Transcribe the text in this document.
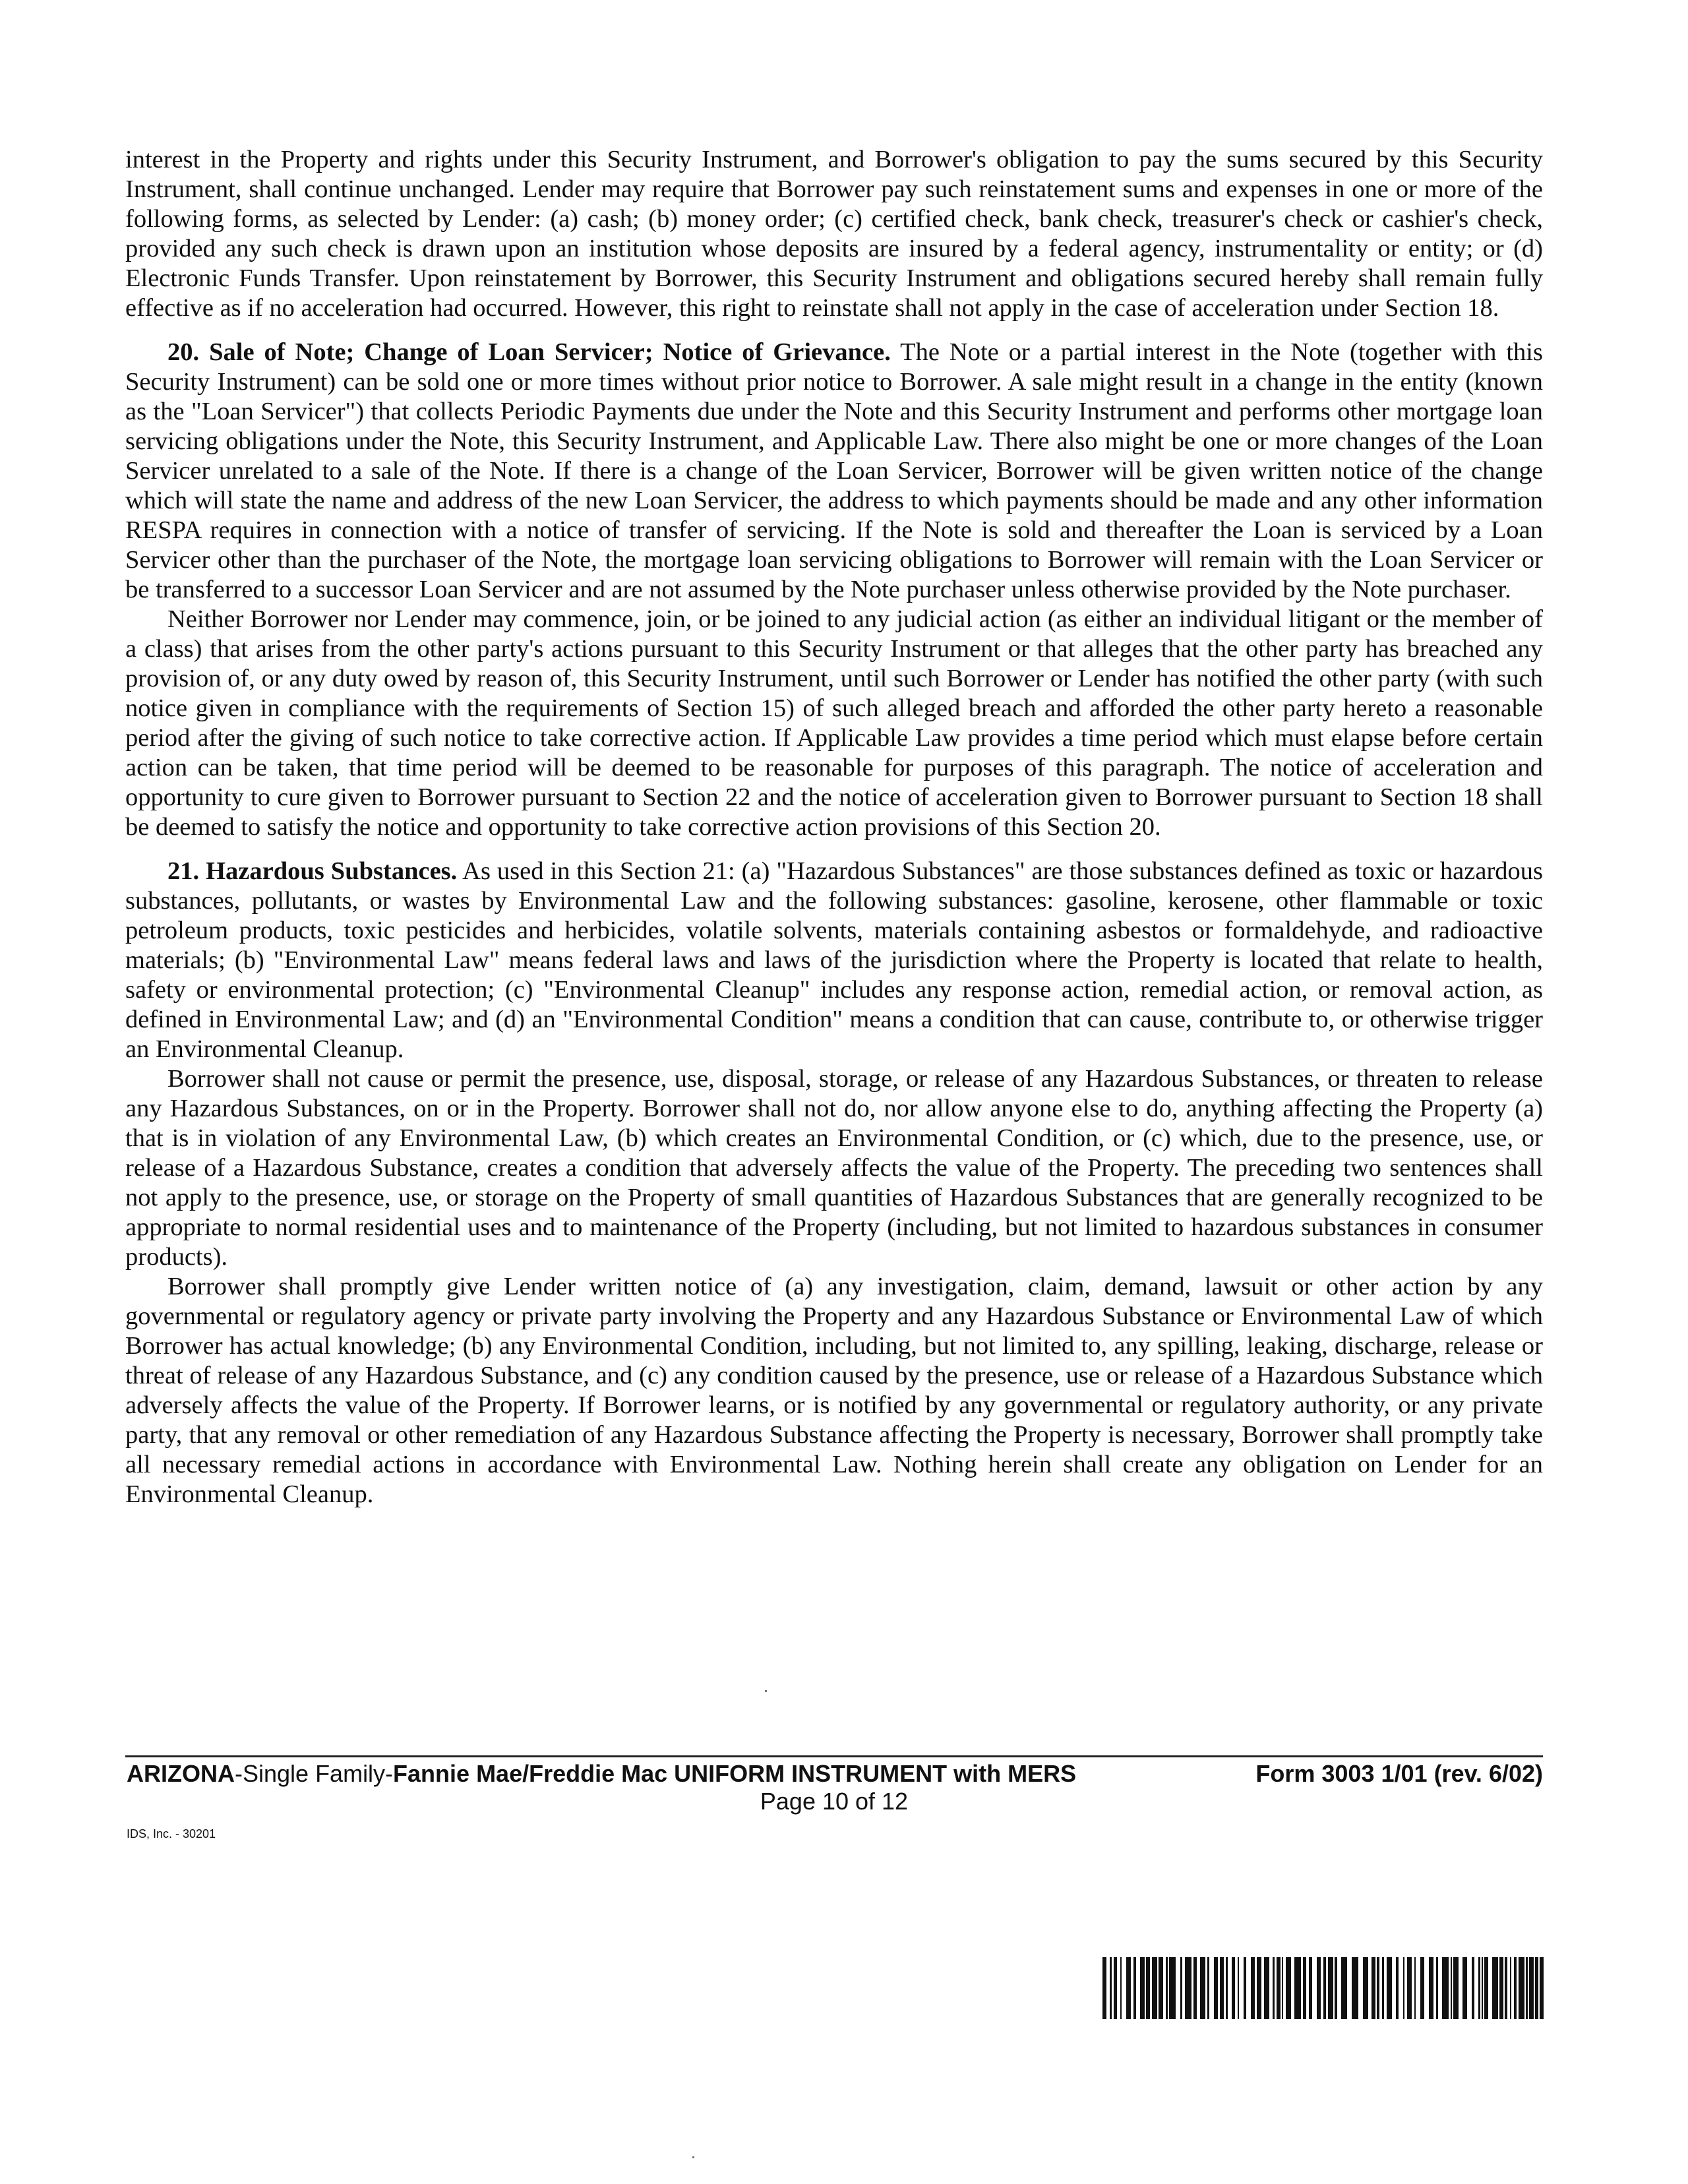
interest in the Property and rights under this Security Instrument, and Borrower's obligation to pay the sums secured by this Security Instrument, shall continue unchanged. Lender may require that Borrower pay such reinstatement sums and expenses in one or more of the following forms, as selected by Lender: (a) cash; (b) money order; (c) certified check, bank check, treasurer's check or cashier's check, provided any such check is drawn upon an institution whose deposits are insured by a federal agency, instrumentality or entity; or (d) Electronic Funds Transfer. Upon reinstatement by Borrower, this Security Instrument and obligations secured hereby shall remain fully effective as if no acceleration had occurred. However, this right to reinstate shall not apply in the case of acceleration under Section 18.

20. Sale of Note; Change of Loan Servicer; Notice of Grievance. The Note or a partial interest in the Note (together with this Security Instrument) can be sold one or more times without prior notice to Borrower. A sale might result in a change in the entity (known as the "Loan Servicer") that collects Periodic Payments due under the Note and this Security Instrument and performs other mortgage loan servicing obligations under the Note, this Security Instrument, and Applicable Law. There also might be one or more changes of the Loan Servicer unrelated to a sale of the Note. If there is a change of the Loan Servicer, Borrower will be given written notice of the change which will state the name and address of the new Loan Servicer, the address to which payments should be made and any other information RESPA requires in connection with a notice of transfer of servicing. If the Note is sold and thereafter the Loan is serviced by a Loan Servicer other than the purchaser of the Note, the mortgage loan servicing obligations to Borrower will remain with the Loan Servicer or be transferred to a successor Loan Servicer and are not assumed by the Note purchaser unless otherwise provided by the Note purchaser.

Neither Borrower nor Lender may commence, join, or be joined to any judicial action (as either an individual litigant or the member of a class) that arises from the other party's actions pursuant to this Security Instrument or that alleges that the other party has breached any provision of, or any duty owed by reason of, this Security Instrument, until such Borrower or Lender has notified the other party (with such notice given in compliance with the requirements of Section 15) of such alleged breach and afforded the other party hereto a reasonable period after the giving of such notice to take corrective action. If Applicable Law provides a time period which must elapse before certain action can be taken, that time period will be deemed to be reasonable for purposes of this paragraph. The notice of acceleration and opportunity to cure given to Borrower pursuant to Section 22 and the notice of acceleration given to Borrower pursuant to Section 18 shall be deemed to satisfy the notice and opportunity to take corrective action provisions of this Section 20.

21. Hazardous Substances. As used in this Section 21: (a) "Hazardous Substances" are those substances defined as toxic or hazardous substances, pollutants, or wastes by Environmental Law and the following substances: gasoline, kerosene, other flammable or toxic petroleum products, toxic pesticides and herbicides, volatile solvents, materials containing asbestos or formaldehyde, and radioactive materials; (b) "Environmental Law" means federal laws and laws of the jurisdiction where the Property is located that relate to health, safety or environmental protection; (c) "Environmental Cleanup" includes any response action, remedial action, or removal action, as defined in Environmental Law; and (d) an "Environmental Condition" means a condition that can cause, contribute to, or otherwise trigger an Environmental Cleanup.

Borrower shall not cause or permit the presence, use, disposal, storage, or release of any Hazardous Substances, or threaten to release any Hazardous Substances, on or in the Property. Borrower shall not do, nor allow anyone else to do, anything affecting the Property (a) that is in violation of any Environmental Law, (b) which creates an Environmental Condition, or (c) which, due to the presence, use, or release of a Hazardous Substance, creates a condition that adversely affects the value of the Property. The preceding two sentences shall not apply to the presence, use, or storage on the Property of small quantities of Hazardous Substances that are generally recognized to be appropriate to normal residential uses and to maintenance of the Property (including, but not limited to hazardous substances in consumer products).

Borrower shall promptly give Lender written notice of (a) any investigation, claim, demand, lawsuit or other action by any governmental or regulatory agency or private party involving the Property and any Hazardous Substance or Environmental Law of which Borrower has actual knowledge; (b) any Environmental Condition, including, but not limited to, any spilling, leaking, discharge, release or threat of release of any Hazardous Substance, and (c) any condition caused by the presence, use or release of a Hazardous Substance which adversely affects the value of the Property. If Borrower learns, or is notified by any governmental or regulatory authority, or any private party, that any removal or other remediation of any Hazardous Substance affecting the Property is necessary, Borrower shall promptly take all necessary remedial actions in accordance with Environmental Law. Nothing herein shall create any obligation on Lender for an Environmental Cleanup.

ARIZONA-Single Family-Fannie Mae/Freddie Mac UNIFORM INSTRUMENT with MERS	Form 3003 1/01 (rev. 6/02)
Page 10 of 12
IDS, Inc. - 30201
